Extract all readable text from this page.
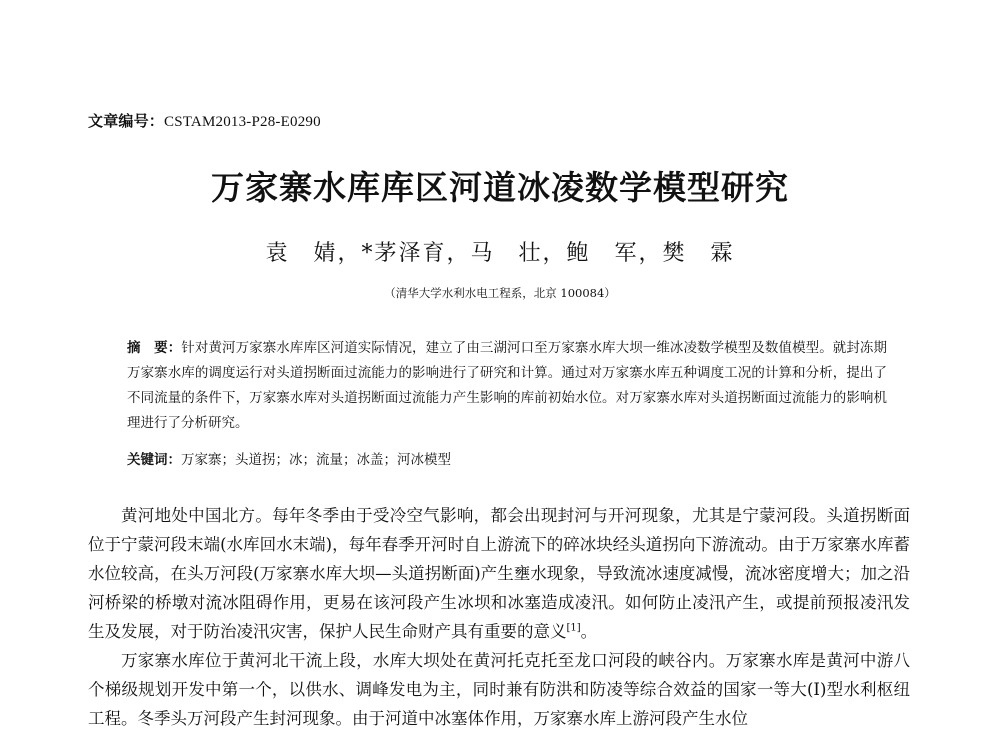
文章编号：CSTAM2013-P28-E0290
万家寨水库库区河道冰凌数学模型研究
袁　婧，*茅泽育，马　壮，鲍　军，樊　霖
（清华大学水利水电工程系，北京 100084）
摘　要：针对黄河万家寨水库库区河道实际情况，建立了由三湖河口至万家寨水库大坝一维冰凌数学模型及数值模型。就封冻期万家寨水库的调度运行对头道拐断面过流能力的影响进行了研究和计算。通过对万家寨水库五种调度工况的计算和分析，提出了不同流量的条件下，万家寨水库对头道拐断面过流能力产生影响的库前初始水位。对万家寨水库对头道拐断面过流能力的影响机理进行了分析研究。
关键词：万家寨；头道拐；冰；流量；冰盖；河冰模型

黄河地处中国北方。每年冬季由于受冷空气影响，都会出现封河与开河现象，尤其是宁蒙河段。头道拐断面位于宁蒙河段末端(水库回水末端)，每年春季开河时自上游流下的碎冰块经头道拐向下游流动。由于万家寨水库蓄水位较高，在头万河段(万家寨水库大坝—头道拐断面)产生壅水现象，导致流冰速度减慢，流冰密度增大；加之沿河桥梁的桥墩对流冰阻碍作用，更易在该河段产生冰坝和冰塞造成凌汛。如何防止凌汛产生，或提前预报凌汛发生及发展，对于防治凌汛灾害，保护人民生命财产具有重要的意义[1]。

万家寨水库位于黄河北干流上段，水库大坝处在黄河托克托至龙口河段的峡谷内。万家寨水库是黄河中游八个梯级规划开发中第一个，以供水、调峰发电为主，同时兼有防洪和防凌等综合效益的国家一等大(I)型水利枢纽工程。冬季头万河段产生封河现象。由于河道中冰塞体作用，万家寨水库上游河段产生水位
